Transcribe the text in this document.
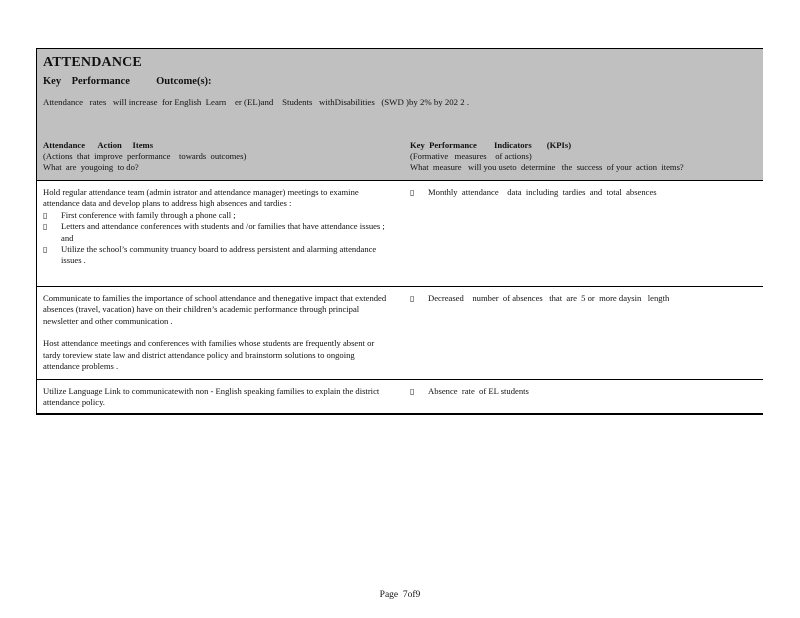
ATTENDANCE
Key    Performance          Outcome(s):
Attendance   rates   will increase  for English  Learn    er (EL)and    Students   withDisabilities   (SWD )by 2% by 202 2 .
Attendance      Action     Items
(Actions  that  improve  performance    towards  outcomes)
What  are  yougoing  to do?
Key  Performance        Indicators       (KPIs)
(Formative   measures    of actions)
What  measure   will you useto  determine   the  success  of your  action  items?
Hold regular attendance team (admin istrator and attendance manager) meetings to examine attendance data and develop plans to address high absences and tardies :
▯ First conference with family through a phone call ;
▯ Letters and attendance conferences with students and /or families that have attendance issues ; and
▯ Utilize the school’s community truancy board to address persistent and alarming attendance issues .
▯ Monthly  attendance    data  including  tardies  and  total  absences
Communicate to families the importance of school attendance and thenegative impact that extended absences (travel, vacation) have on their children’s academic performance through principal newsletter and other communication .
Host attendance meetings and conferences with families whose students are frequently absent or tardy toreview state law and district attendance policy and brainstorm solutions to ongoing attendance problems .
▯ Decreased    number  of absences   that  are  5 or  more daysin   length
Utilize Language Link to communicatewith non - English speaking families to explain the district attendance policy.
▯ Absence  rate  of EL students
Page  7of9
